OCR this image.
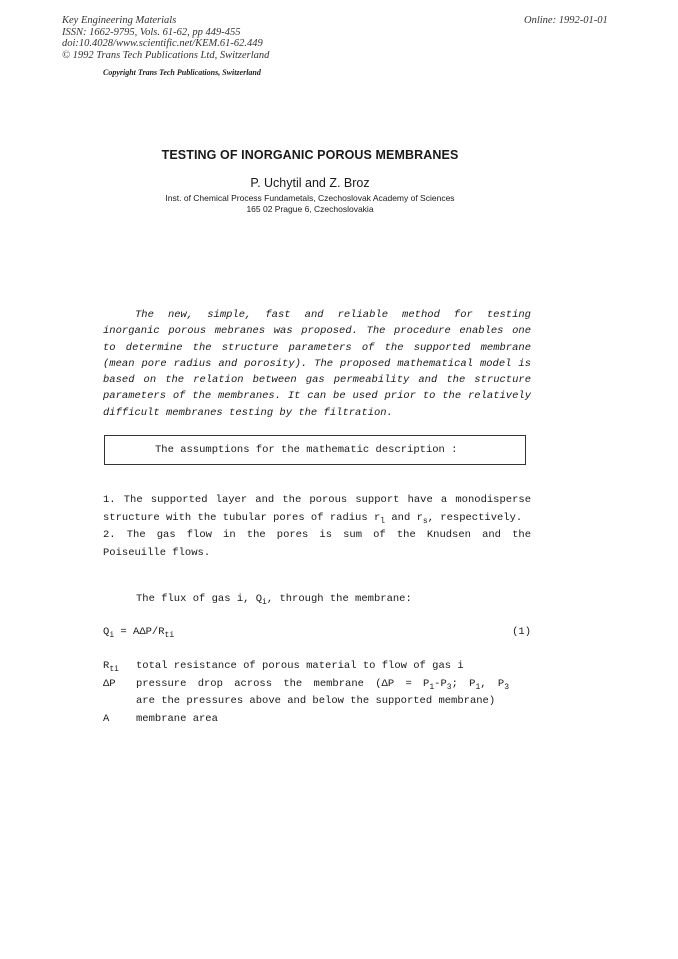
Key Engineering Materials
ISSN: 1662-9795, Vols. 61-62, pp 449-455
doi:10.4028/www.scientific.net/KEM.61-62.449
© 1992 Trans Tech Publications Ltd, Switzerland
Online: 1992-01-01
Copyright Trans Tech Publications, Switzerland
TESTING OF INORGANIC POROUS MEMBRANES
P. Uchytil and Z. Broz
Inst. of Chemical Process Fundametals, Czechoslovak Academy of Sciences
165 02 Prague 6, Czechoslovakia

The new, simple, fast and reliable method for testing inorganic porous mebranes was proposed. The procedure enables one to determine the structure parameters of the supported membrane (mean pore radius and porosity). The proposed mathematical model is based on the relation between gas permeability and the structure parameters of the membranes. It can be used prior to the relatively difficult membranes testing by the filtration.

The assumptions for the mathematic description :

1. The supported layer and the porous support have a monodisperse structure with the tubular pores of radius $r_l$ and $r_s$, respectively.

2. The gas flow in the pores is sum of the Knudsen and the Poiseuille flows.

The flux of gas i, $Q_i$, through the membrane:
$Q_i = A\Delta P/R_{ti}$	(1)
$R_{ti}$ total resistance of porous material to flow of gas i
ΔP pressure drop across the membrane ($\Delta P = P_1-P_3$; $P_1$, $P_3$
are the pressures above and below the supported membrane)
A	membrane area
